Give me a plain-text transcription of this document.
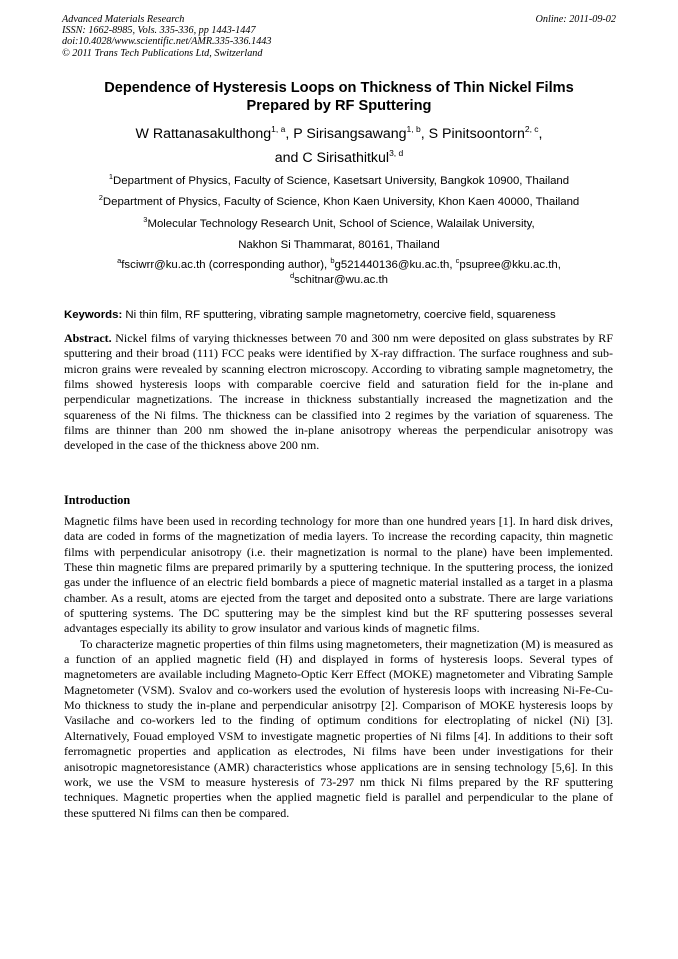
Advanced Materials Research
ISSN: 1662-8985, Vols. 335-336, pp 1443-1447
doi:10.4028/www.scientific.net/AMR.335-336.1443
© 2011 Trans Tech Publications Ltd, Switzerland
Online: 2011-09-02
Dependence of Hysteresis Loops on Thickness of Thin Nickel Films
Prepared by RF Sputtering
W Rattanasakulthong$^{1, a}$, P Sirisangsawang$^{1, b}$, S Pinitsoontorn$^{2, c}$,
and C Sirisathitkul$^{3, d}$
$^1$Department of Physics, Faculty of Science, Kasetsart University, Bangkok 10900, Thailand
$^2$Department of Physics, Faculty of Science, Khon Kaen University, Khon Kaen 40000, Thailand
$^3$Molecular Technology Research Unit, School of Science, Walailak University,
Nakhon Si Thammarat, 80161, Thailand
$^a$fsciwrr@ku.ac.th (corresponding author), $^b$g521440136@ku.ac.th, $^c$psupree@kku.ac.th,
$^d$schitnar@wu.ac.th
Keywords: Ni thin film, RF sputtering, vibrating sample magnetometry, coercive field, squareness
Abstract. Nickel films of varying thicknesses between 70 and 300 nm were deposited on glass substrates by RF sputtering and their broad (111) FCC peaks were identified by X-ray diffraction. The surface roughness and sub-micron grains were revealed by scanning electron microscopy. According to vibrating sample magnetometry, the films showed hysteresis loops with comparable coercive field and saturation field for the in-plane and perpendicular magnetizations. The increase in thickness substantially increased the magnetization and the squareness of the Ni films. The thickness can be classified into 2 regimes by the variation of squareness. The films are thinner than 200 nm showed the in-plane anisotropy whereas the perpendicular anisotropy was developed in the case of the thickness above 200 nm.
Introduction

Magnetic films have been used in recording technology for more than one hundred years [1]. In hard disk drives, data are coded in forms of the magnetization of media layers. To increase the recording capacity, thin magnetic films with perpendicular anisotropy (i.e. their magnetization is normal to the plane) have been implemented. These thin magnetic films are prepared primarily by a sputtering technique. In the sputtering process, the ionized gas under the influence of an electric field bombards a piece of magnetic material installed as a target in a plasma chamber. As a result, atoms are ejected from the target and deposited onto a substrate. There are large variations of sputtering systems. The DC sputtering may be the simplest kind but the RF sputtering possesses several advantages especially its ability to grow insulator and various kinds of magnetic films.

To characterize magnetic properties of thin films using magnetometers, their magnetization (M) is measured as a function of an applied magnetic field (H) and displayed in forms of hysteresis loops. Several types of magnetometers are available including Magneto-Optic Kerr Effect (MOKE) magnetometer and Vibrating Sample Magnetometer (VSM). Svalov and co-workers used the evolution of hysteresis loops with increasing Ni-Fe-Cu-Mo thickness to study the in-plane and perpendicular anisotrpy [2]. Comparison of MOKE hysteresis loops by Vasilache and co-workers led to the finding of optimum conditions for electroplating of nickel (Ni) [3]. Alternatively, Fouad employed VSM to investigate magnetic properties of Ni films [4]. In additions to their soft ferromagnetic properties and application as electrodes, Ni films have been under investigations for their anisotropic magnetoresistance (AMR) characteristics whose applications are in sensing technology [5,6]. In this work, we use the VSM to measure hysteresis of 73-297 nm thick Ni films prepared by the RF sputtering techniques. Magnetic properties when the applied magnetic field is parallel and perpendicular to the plane of these sputtered Ni films can then be compared.
